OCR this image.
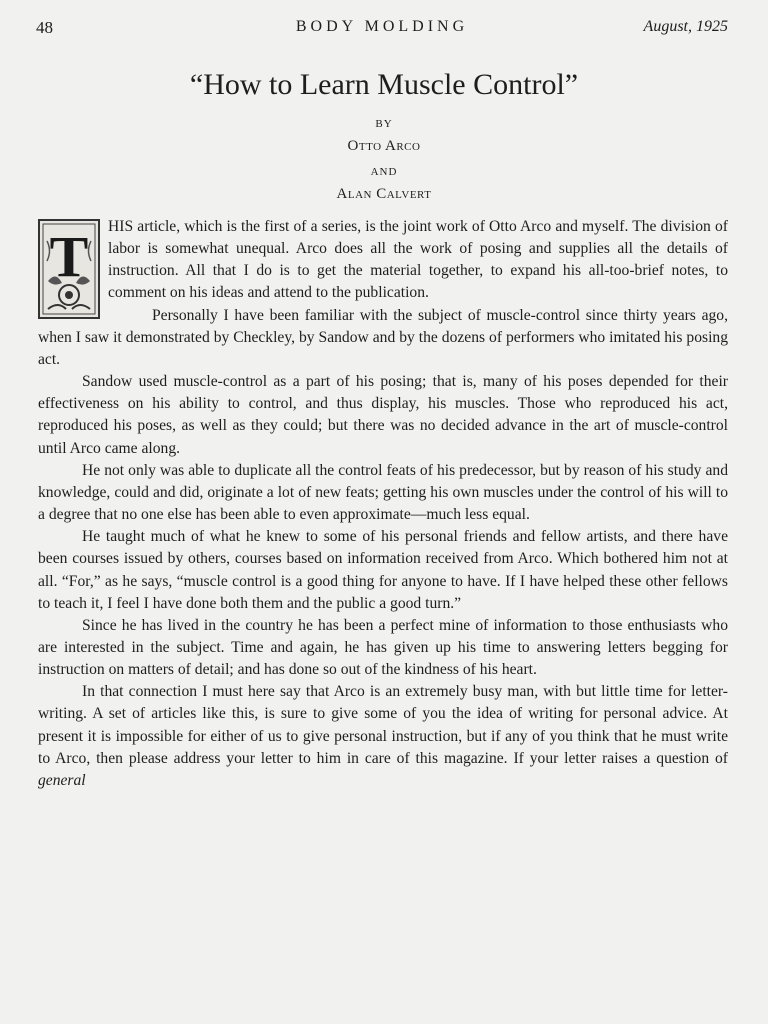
48	BODY MOLDING	August, 1925
“How to Learn Muscle Control”
BY
Otto Arco
AND
Alan Calvert
T	HIS article, which is the first of a series, is the joint work of Otto Arco and myself. The division of labor is somewhat unequal. Arco does all the work of posing and supplies all the details of instruction. All that I do is to get the material together, to expand his all-too-brief notes, to comment on his ideas and attend to the publication.

Personally I have been familiar with the subject of muscle-control since thirty years ago, when I saw it demonstrated by Checkley, by Sandow and by the dozens of performers who imitated his posing act.

Sandow used muscle-control as a part of his posing; that is, many of his poses depended for their effectiveness on his ability to control, and thus display, his muscles. Those who reproduced his act, reproduced his poses, as well as they could; but there was no decided advance in the art of muscle-control until Arco came along.

He not only was able to duplicate all the control feats of his predecessor, but by reason of his study and knowledge, could and did, originate a lot of new feats; getting his own muscles under the control of his will to a degree that no one else has been able to even approximate—much less equal.

He taught much of what he knew to some of his personal friends and fellow artists, and there have been courses issued by others, courses based on information received from Arco. Which bothered him not at all. “For,” as he says, “muscle control is a good thing for anyone to have. If I have helped these other fellows to teach it, I feel I have done both them and the public a good turn.”

Since he has lived in the country he has been a perfect mine of information to those enthusiasts who are interested in the subject. Time and again, he has given up his time to answering letters begging for instruction on matters of detail; and has done so out of the kindness of his heart.

In that connection I must here say that Arco is an extremely busy man, with but little time for letter-writing. A set of articles like this, is sure to give some of you the idea of writing for personal advice. At present it is impossible for either of us to give personal instruction, but if any of you think that he must write to Arco, then please address your letter to him in care of this magazine. If your letter raises a question of general
